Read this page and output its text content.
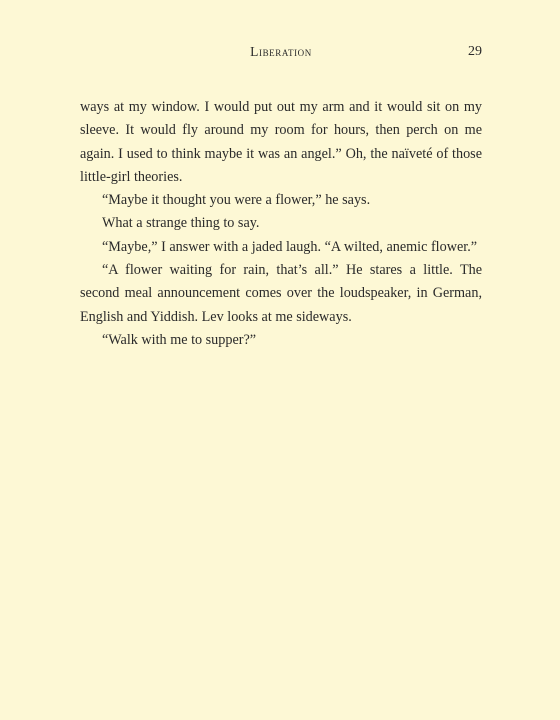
Liberation	29

ways at my window. I would put out my arm and it would sit on my sleeve. It would fly around my room for hours, then perch on me again. I used to think maybe it was an angel.” Oh, the naïveté of those little-girl theories.

“Maybe it thought you were a flower,” he says.

What a strange thing to say.

“Maybe,” I answer with a jaded laugh. “A wilted, anemic flower.”

“A flower waiting for rain, that’s all.” He stares a little. The second meal announcement comes over the loudspeaker, in German, English and Yiddish. Lev looks at me sideways.

“Walk with me to supper?”
